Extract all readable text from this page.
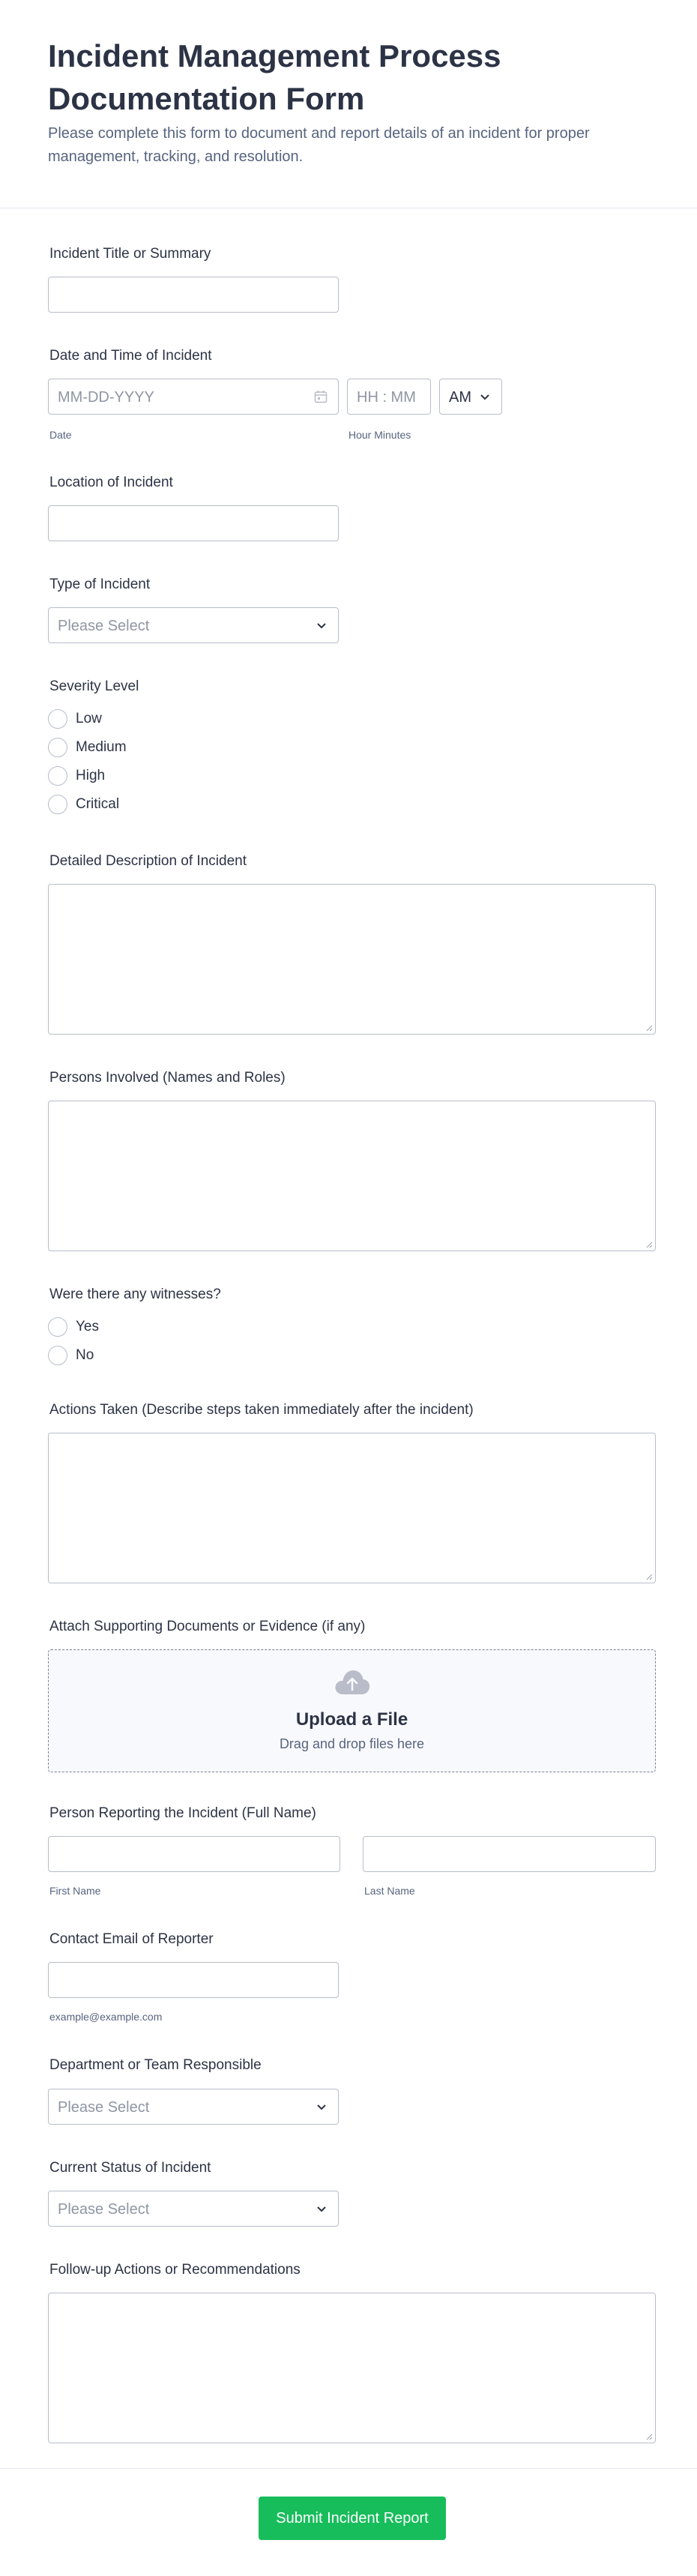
Incident Management Process Documentation Form

Please complete this form to document and report details of an incident for proper management, tracking, and resolution.

Incident Title or Summary
Date and Time of Incident
MM-DD-YYYY
Date
HH : MM
Hour Minutes
AM
Location of Incident
Type of Incident
Please Select
Severity Level
Low
Medium
High
Critical
Detailed Description of Incident
Persons Involved (Names and Roles)
Were there any witnesses?
Yes
No
Actions Taken (Describe steps taken immediately after the incident)
Attach Supporting Documents or Evidence (if any)
Upload a File
Drag and drop files here
Person Reporting the Incident (Full Name)
First Name	Last Name
Contact Email of Reporter
example@example.com
Department or Team Responsible
Please Select
Current Status of Incident
Please Select
Follow-up Actions or Recommendations
Submit Incident Report
